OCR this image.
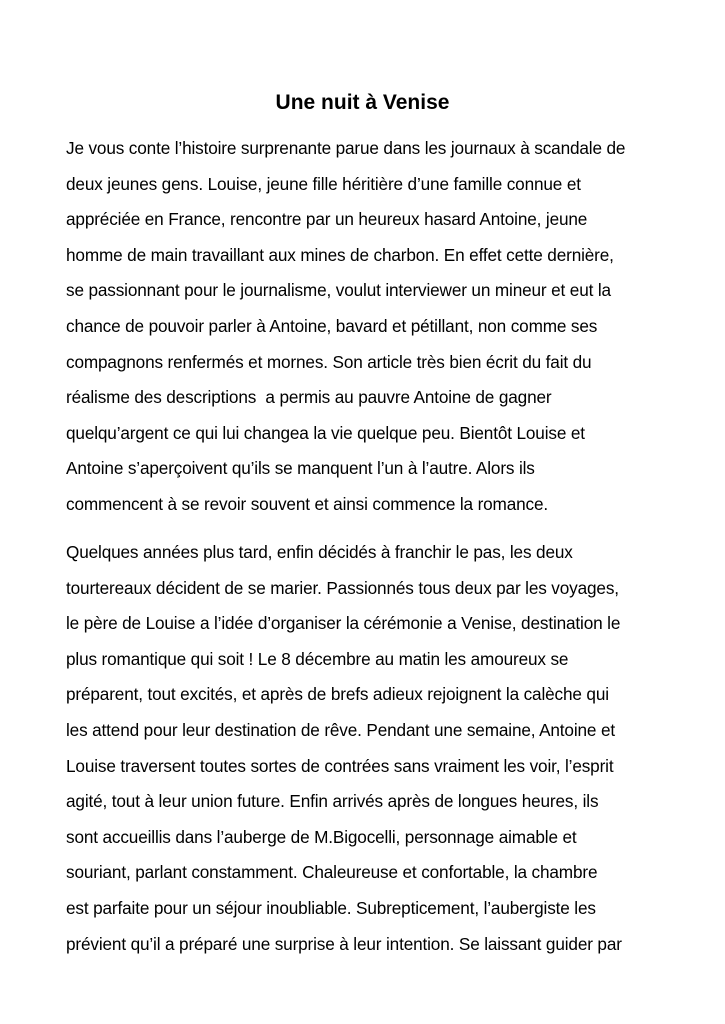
Une nuit à Venise
Je vous conte l’histoire surprenante parue dans les journaux à scandale de
deux jeunes gens. Louise, jeune fille héritière d’une famille connue et
appréciée en France, rencontre par un heureux hasard Antoine, jeune
homme de main travaillant aux mines de charbon. En effet cette dernière,
se passionnant pour le journalisme, voulut interviewer un mineur et eut la
chance de pouvoir parler à Antoine, bavard et pétillant, non comme ses
compagnons renfermés et mornes. Son article très bien écrit du fait du
réalisme des descriptions  a permis au pauvre Antoine de gagner
quelqu’argent ce qui lui changea la vie quelque peu. Bientôt Louise et
Antoine s’aperçoivent qu’ils se manquent l’un à l’autre. Alors ils
commencent à se revoir souvent et ainsi commence la romance.
Quelques années plus tard, enfin décidés à franchir le pas, les deux
tourtereaux décident de se marier. Passionnés tous deux par les voyages,
le père de Louise a l’idée d’organiser la cérémonie a Venise, destination le
plus romantique qui soit ! Le 8 décembre au matin les amoureux se
préparent, tout excités, et après de brefs adieux rejoignent la calèche qui
les attend pour leur destination de rêve. Pendant une semaine, Antoine et
Louise traversent toutes sortes de contrées sans vraiment les voir, l’esprit
agité, tout à leur union future. Enfin arrivés après de longues heures, ils
sont accueillis dans l’auberge de M.Bigocelli, personnage aimable et
souriant, parlant constamment. Chaleureuse et confortable, la chambre
est parfaite pour un séjour inoubliable. Subrepticement, l’aubergiste les
prévient qu’il a préparé une surprise à leur intention. Se laissant guider par
